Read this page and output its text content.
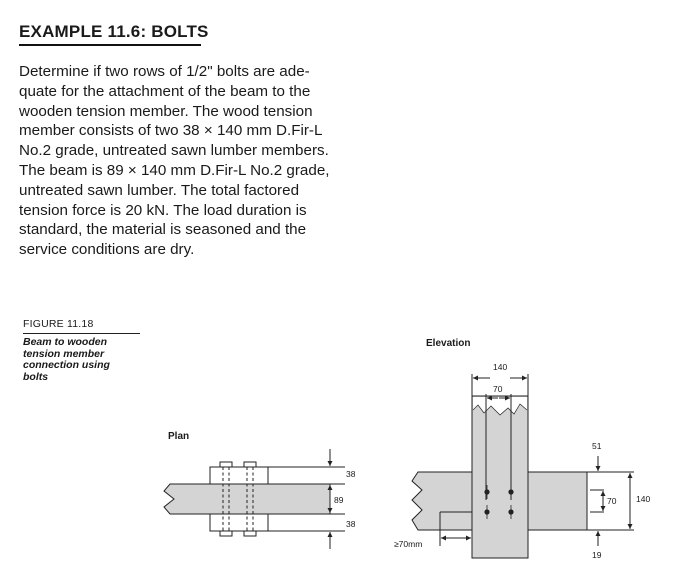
EXAMPLE 11.6: BOLTS
Determine if two rows of 1/2" bolts are ade-
quate for the attachment of the beam to the
wooden tension member. The wood tension
member consists of two 38 × 140 mm D.Fir-L
No.2 grade, untreated sawn lumber members.
The beam is 89 × 140 mm D.Fir-L No.2 grade,
untreated sawn lumber. The total factored
tension force is 20 kN. The load duration is
standard, the material is seasoned and the
service conditions are dry.
FIGURE 11.18
Beam to wooden
tension member
connection using
bolts
Plan
38
89
38
Elevation
140
70
≥70mm
51
70 140
19
